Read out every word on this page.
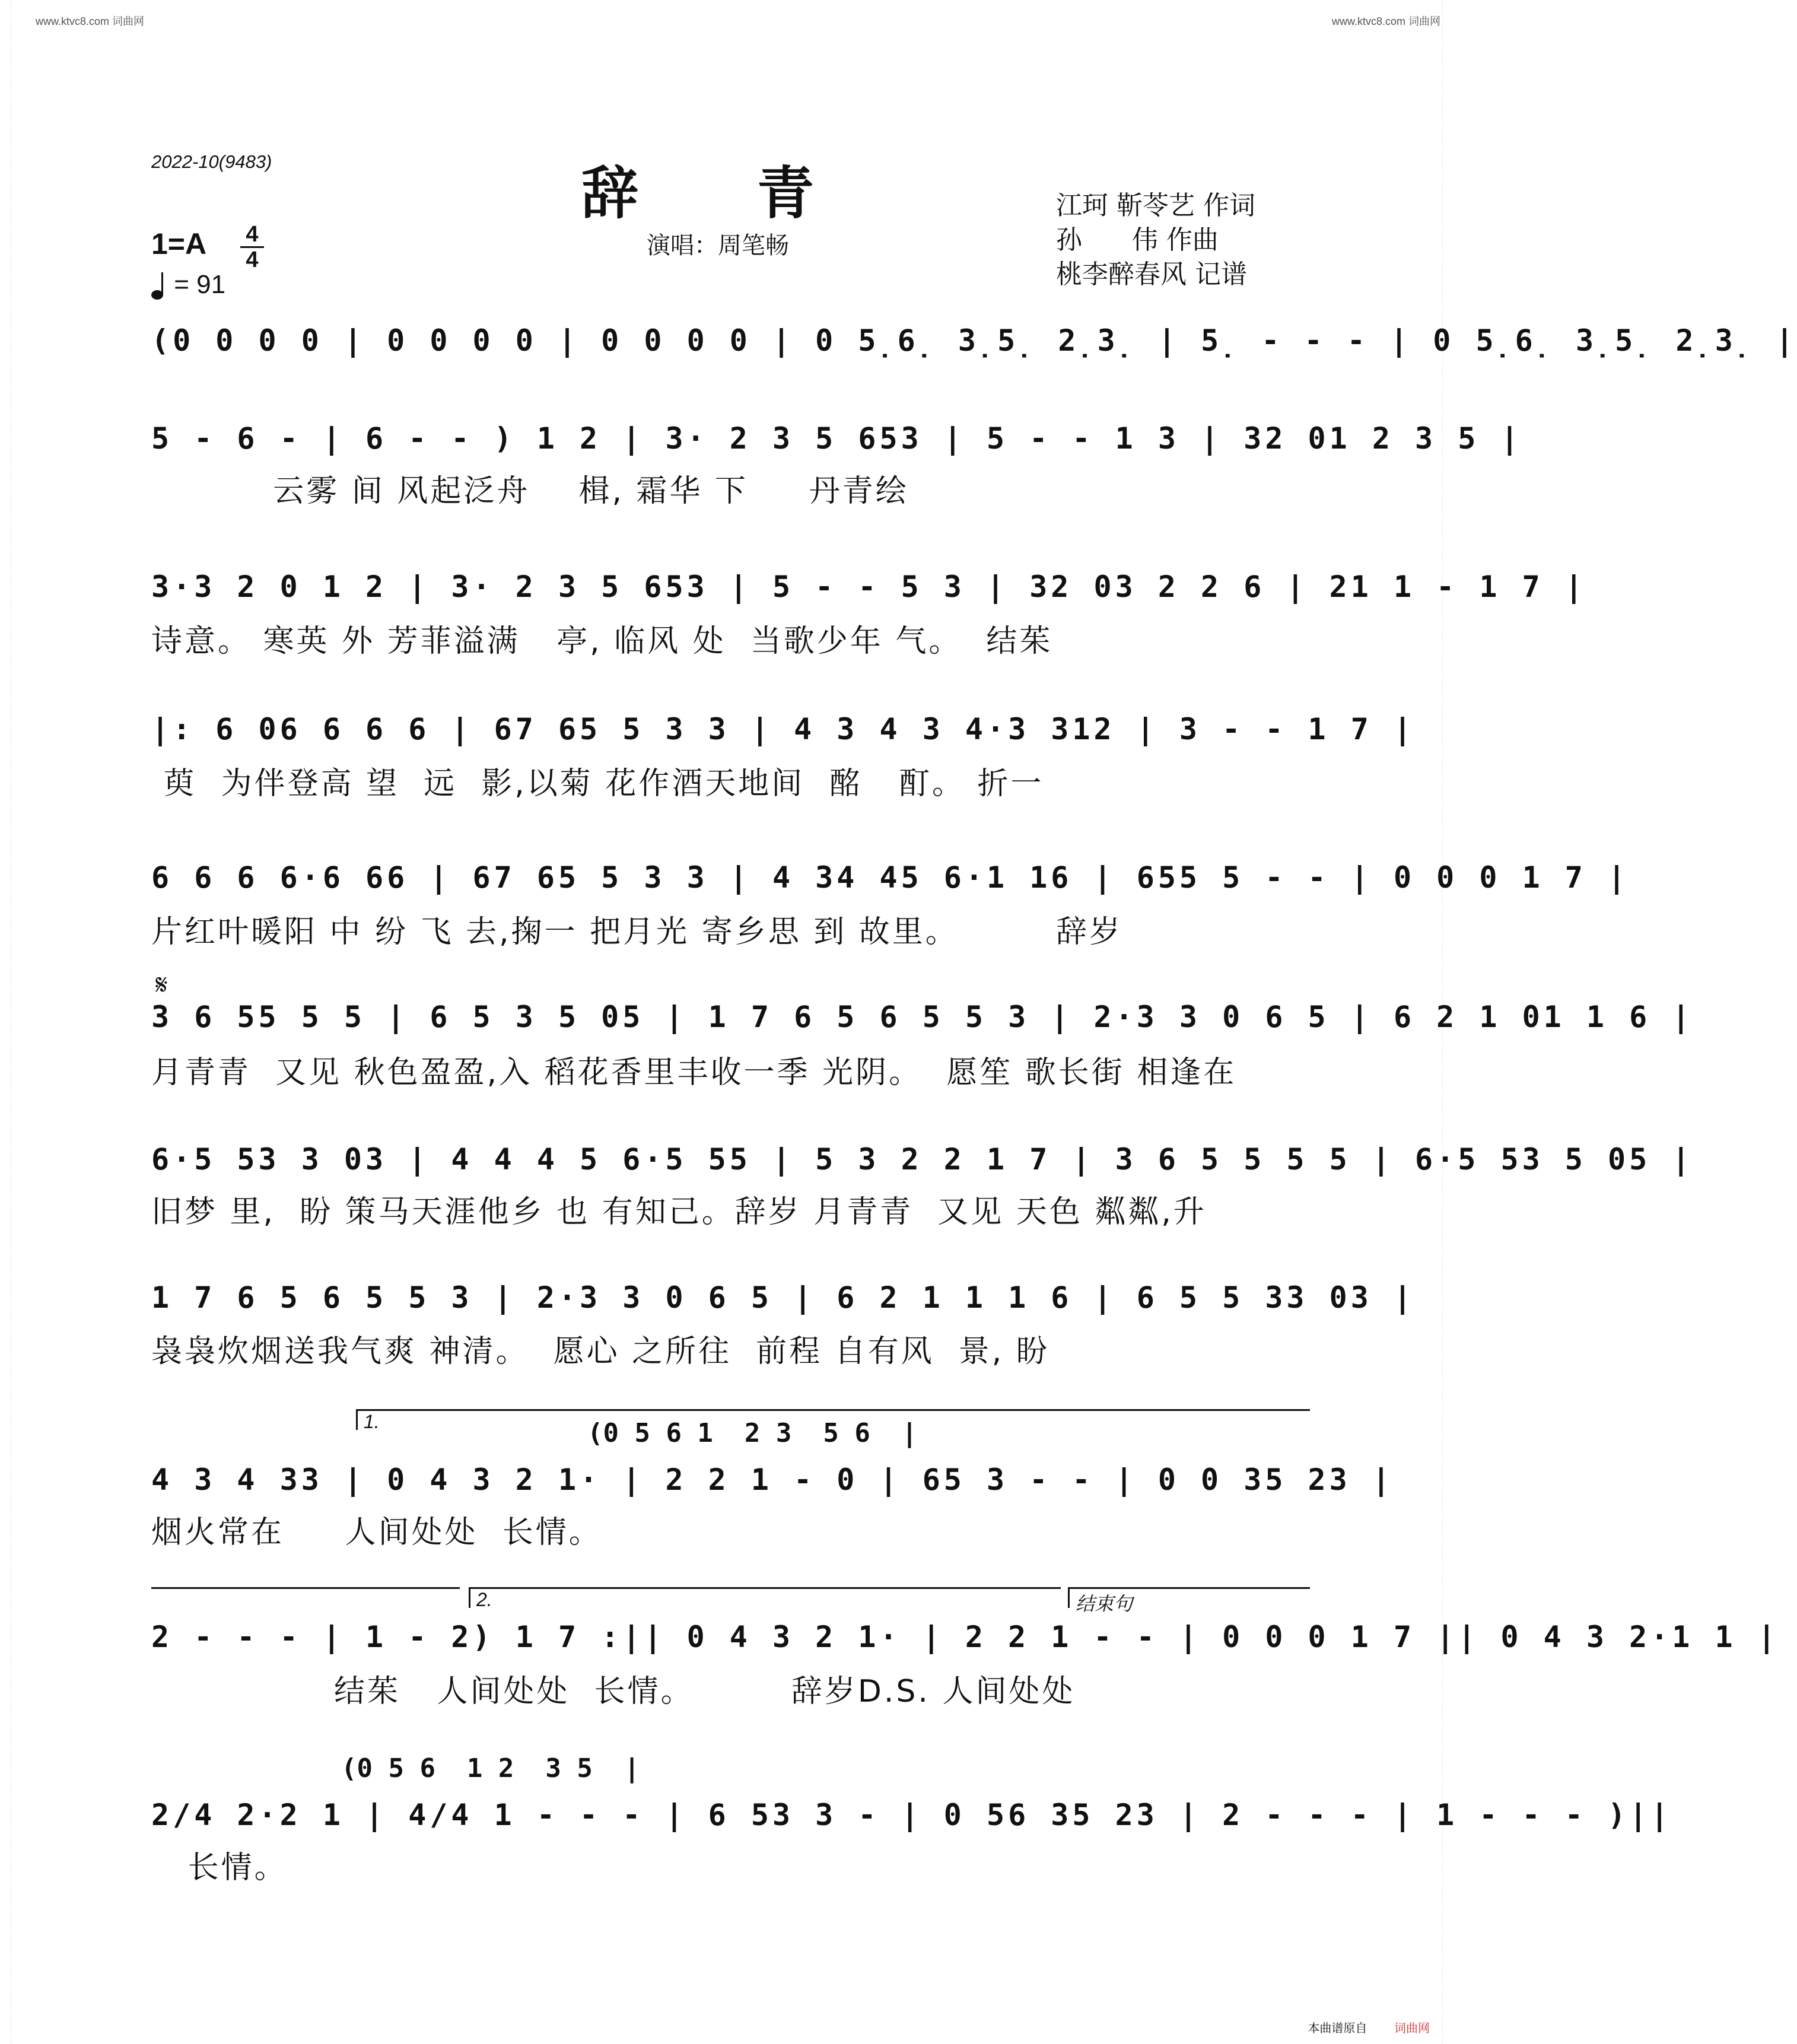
www.ktvc8.com 词曲网	www.ktvc8.com 词曲网
2022-10(9483)	辞青
演唱：周笔畅
江珂 靳苓艺 作词
孙      伟 作曲
桃李醉春风 记谱
$1=A \frac{4}{4}$
= 91
(0 0 0 0 | 0 0 0 0 | 0 0 0 0 | 0 5̣6̣ 3̣5̣ 2̣3̣ | 5̣ - - - | 0 5̣6̣ 3̣5̣ 2̣3̣ |
5 - 6 - | 6 - - ) 1 2 | 3· 2 3 5 653 | 5 - - 1 3 | 32 01 2 3 5 |
云雾 间 风起泛舟    楫, 霜华 下     丹青绘
3·3 2 0 1 2 | 3· 2 3 5 653 | 5 - - 5 3 | 32 03 2 2 6 | 21 1 - 1 7 |
诗意。 寒英 外 芳菲溢满   亭, 临风 处  当歌少年 气。  结茱
|: 6 06 6 6 6 | 67 65 5 3 3 | 4 3 4 3 4·3 312 | 3 - - 1 7 |
萸  为伴登高 望  远  影,以菊 花作酒天地间  酩   酊。 折一
6 6 6 6·6 66 | 67 65 5 3 3 | 4 34 45 6·1 16 | 655 5 - - | 0 0 0 1 7 |
片红叶暖阳 中 纷 飞 去,掬一 把月光 寄乡思 到 故里。        辞岁
𝄋
3 6 55 5 5 | 6 5 3 5 05 | 1 7 6 5 6 5 5 3 | 2·3 3 0 6 5 | 6 2 1 01 1 6 |
月青青  又见 秋色盈盈,入 稻花香里丰收一季 光阴。  愿笙 歌长街 相逢在
6·5 53 3 03 | 4 4 4 5 6·5 55 | 5 3 2 2 1 7 | 3 6 5 5 5 5 | 6·5 53 5 05 |
旧梦 里,  盼 策马天涯他乡 也 有知己。辞岁 月青青  又见 天色 粼粼,升
1 7 6 5 6 5 5 3 | 2·3 3 0 6 5 | 6 2 1 1 1 6 | 6 5 5 33 03 |
袅袅炊烟送我气爽 神清。  愿心 之所往  前程 自有风  景, 盼
1.	(0 5 6 1  2 3  5 6  |
4 3 4 33 | 0 4 3 2 1· | 2 2 1 - 0 | 65 3 - - | 0 0 35 23 |
烟火常在     人间处处  长情。
2.	结束句
2 - - - | 1 - 2) 1 7 :|| 0 4 3 2 1· | 2 2 1 - - | 0 0 0 1 7 || 0 4 3 2·1 1 |
结茱   人间处处  长情。        辞岁D.S. 人间处处
(0 5 6  1 2  3 5  |
2/4 2·2 1 | 4/4 1 - - - | 6 53 3 - | 0 56 35 23 | 2 - - - | 1 - - - )||
长情。
本曲谱原自 词曲网
